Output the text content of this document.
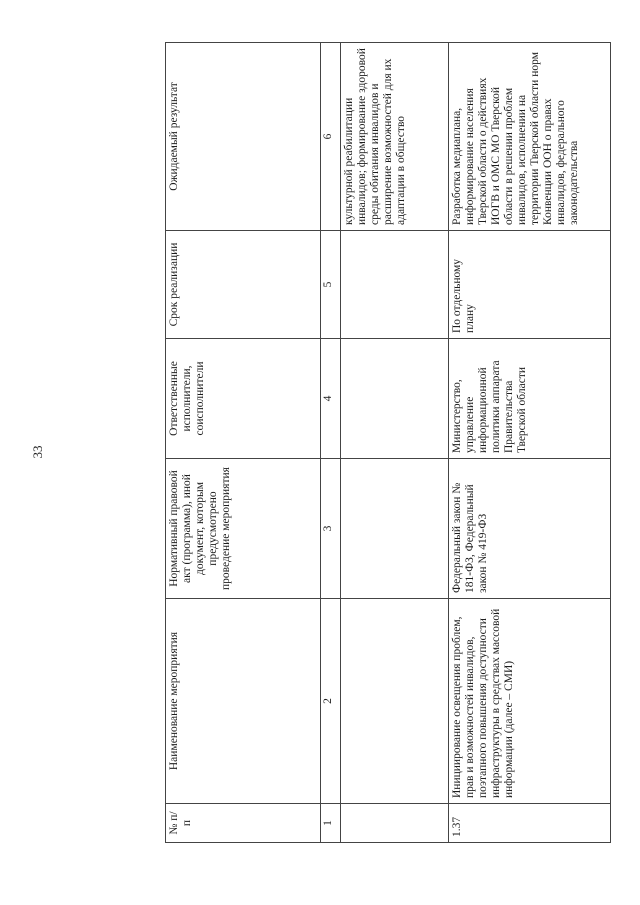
33
№ п/п	Наименование мероприятия	Нормативный правовой акт (программа), иной документ, которым предусмотрено проведение мероприятия	Ответственные исполнители, соисполнители	Срок реализации	Ожидаемый результат
1	2	3	4	5	6
					культурной реабилитации инвалидов; формирование здоровой среды обитания инвалидов и расширение возможностей для их адаптации в общество
1.37	Инициирование освещения проблем, прав и возможностей инвалидов, поэтапного повышения доступности инфраструктуры в средствах массовой информации (далее – СМИ)	Федеральный закон № 181-ФЗ, Федеральный закон № 419-ФЗ	Министерство, управление информационной политики аппарата Правительства Тверской области	По отдельному плану	Разработка медиаплана, информирование населения Тверской области о действиях ИОГВ и ОМС МО Тверской области в решении проблем инвалидов, исполнении на территории Тверской области норм Конвенции ООН о правах инвалидов, федерального законодательства
